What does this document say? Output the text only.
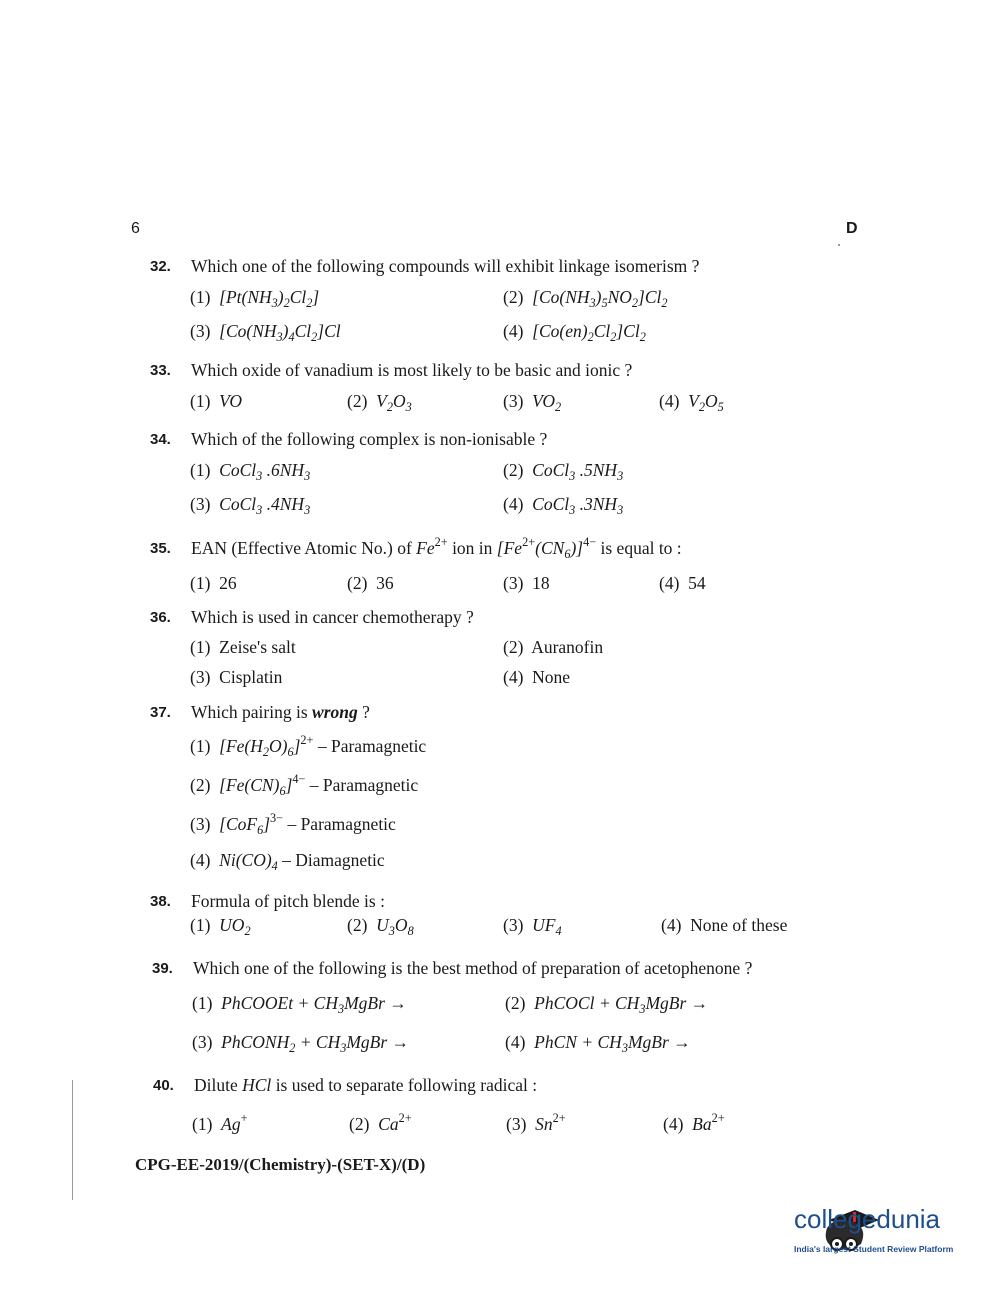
6	D
32. Which one of the following compounds will exhibit linkage isomerism ?
(1) $[Pt(NH_3)_2Cl_2]$	(2) $[Co(NH_3)_5NO_2]Cl_2$
(3) $[Co(NH_3)_4Cl_2]Cl$	(4) $[Co(en)_2Cl_2]Cl_2$
33. Which oxide of vanadium is most likely to be basic and ionic ?
(1) VO	(2) $V_2O_3$	(3) $VO_2$	(4) $V_2O_5$
34. Which of the following complex is non-ionisable ?
(1) CoCl$_3$ $.6NH_3$	(2) CoCl$_3$ $.5NH_3$
(3) CoCl$_3$ $.4NH_3$	(4) CoCl$_3$ $.3NH_3$
35. EAN (Effective Atomic No.) of $Fe^{2+}$ ion in $[Fe^{2+}(CN_6)]^{4-}$ is equal to :
(1) 26	(2) 36	(3) 18	(4) 54
36. Which is used in cancer chemotherapy ?
(1) Zeise's salt	(2) Auranofin
(3) Cisplatin	(4) None
37. Which pairing is wrong ?
(1) $[Fe(H_2O)_6]^{2+}$ – Paramagnetic
(2) $[Fe(CN)_6]^{4-}$ – Paramagnetic
(3) $[CoF_6]^{3-}$ – Paramagnetic
(4) $Ni(CO)_4$ – Diamagnetic
38. Formula of pitch blende is :
(1) $UO_2$	(2) $U_3O_8$	(3) $UF_4$	(4) None of these
39. Which one of the following is the best method of preparation of acetophenone ?
(1) PhCOOEt + $CH_3MgBr$ →	(2) PhCOCl + $CH_3MgBr$ →
(3) PhCONH$_2$ + $CH_3MgBr$ →	(4) PhCN + $CH_3MgBr$ →
40. Dilute HCl is used to separate following radical :
(1) Ag+	(2) $Ca^{2+}$	(3) $Sn^{2+}$	(4) $Ba^{2+}$
CPG-EE-2019/(Chemistry)-(SET-X)/(D)
collegedunia
India's largest Student Review Platform
